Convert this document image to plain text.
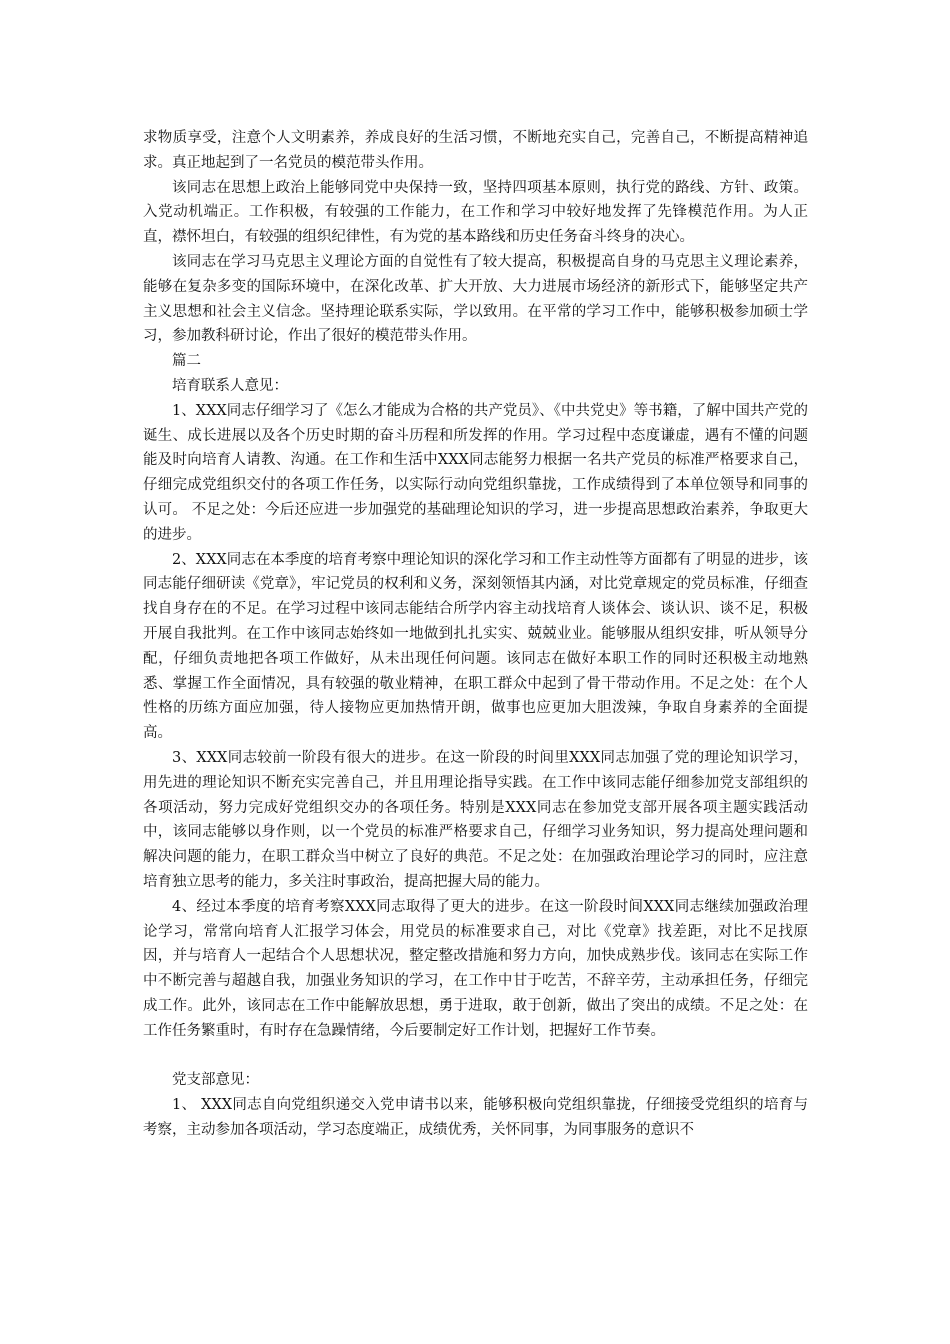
求物质享受，注意个人文明素养，养成良好的生活习惯，不断地充实自己，完善自己，不断提高精神追求。真正地起到了一名党员的模范带头作用。

该同志在思想上政治上能够同党中央保持一致，坚持四项基本原则，执行党的路线、方针、政策。入党动机端正。工作积极，有较强的工作能力，在工作和学习中较好地发挥了先锋模范作用。为人正直，襟怀坦白，有较强的组织纪律性，有为党的基本路线和历史任务奋斗终身的决心。

该同志在学习马克思主义理论方面的自觉性有了较大提高，积极提高自身的马克思主义理论素养，能够在复杂多变的国际环境中，在深化改革、扩大开放、大力进展市场经济的新形式下，能够坚定共产主义思想和社会主义信念。坚持理论联系实际，学以致用。在平常的学习工作中，能够积极参加硕士学习，参加教科研讨论，作出了很好的模范带头作用。

篇二

培育联系人意见：

1、XXX同志仔细学习了《怎么才能成为合格的共产党员》、《中共党史》等书籍，了解中国共产党的诞生、成长进展以及各个历史时期的奋斗历程和所发挥的作用。学习过程中态度谦虚，遇有不懂的问题能及时向培育人请教、沟通。在工作和生活中XXX同志能努力根据一名共产党员的标准严格要求自己，仔细完成党组织交付的各项工作任务，以实际行动向党组织靠拢，工作成绩得到了本单位领导和同事的认可。 不足之处：今后还应进一步加强党的基础理论知识的学习，进一步提高思想政治素养，争取更大的进步。

2、XXX同志在本季度的培育考察中理论知识的深化学习和工作主动性等方面都有了明显的进步，该同志能仔细研读《党章》，牢记党员的权利和义务，深刻领悟其内涵，对比党章规定的党员标准，仔细查找自身存在的不足。在学习过程中该同志能结合所学内容主动找培育人谈体会、谈认识、谈不足，积极开展自我批判。在工作中该同志始终如一地做到扎扎实实、兢兢业业。能够服从组织安排，听从领导分配，仔细负责地把各项工作做好，从未出现任何问题。该同志在做好本职工作的同时还积极主动地熟悉、掌握工作全面情况，具有较强的敬业精神，在职工群众中起到了骨干带动作用。不足之处：在个人性格的历练方面应加强，待人接物应更加热情开朗，做事也应更加大胆泼辣，争取自身素养的全面提高。

3、XXX同志较前一阶段有很大的进步。在这一阶段的时间里XXX同志加强了党的理论知识学习，用先进的理论知识不断充实完善自己，并且用理论指导实践。在工作中该同志能仔细参加党支部组织的各项活动，努力完成好党组织交办的各项任务。特别是XXX同志在参加党支部开展各项主题实践活动中，该同志能够以身作则，以一个党员的标准严格要求自己，仔细学习业务知识，努力提高处理问题和解决问题的能力，在职工群众当中树立了良好的典范。不足之处：在加强政治理论学习的同时，应注意培育独立思考的能力，多关注时事政治，提高把握大局的能力。

4、经过本季度的培育考察XXX同志取得了更大的进步。在这一阶段时间XXX同志继续加强政治理论学习，常常向培育人汇报学习体会，用党员的标准要求自己，对比《党章》找差距，对比不足找原因，并与培育人一起结合个人思想状况，整定整改措施和努力方向，加快成熟步伐。该同志在实际工作中不断完善与超越自我，加强业务知识的学习，在工作中甘于吃苦，不辞辛劳，主动承担任务，仔细完成工作。此外，该同志在工作中能解放思想，勇于进取，敢于创新，做出了突出的成绩。不足之处：在工作任务繁重时，有时存在急躁情绪，今后要制定好工作计划，把握好工作节奏。

党支部意见：

1、 XXX同志自向党组织递交入党申请书以来，能够积极向党组织靠拢，仔细接受党组织的培育与考察，主动参加各项活动，学习态度端正，成绩优秀，关怀同事，为同事服务的意识不
